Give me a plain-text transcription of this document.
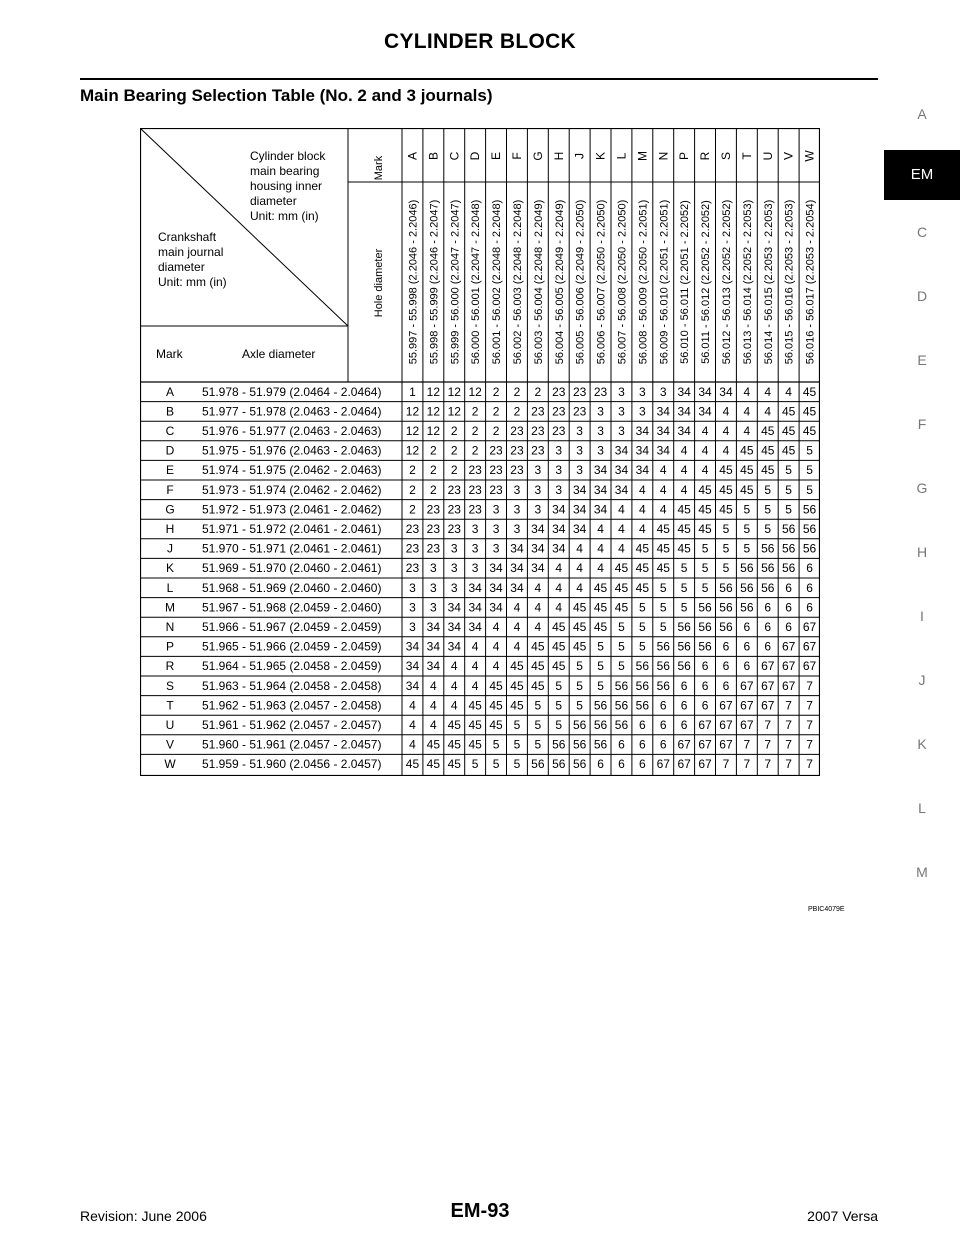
CYLINDER BLOCK
Main Bearing Selection Table (No. 2 and 3 journals)
A
EM
C
D
E
F
G
H
I
J
K
L
M
Cylinder block
main bearing
housing inner
diameter
Unit: mm (in)
Crankshaft
main journal
diameter
Unit: mm (in)
Mark	Axle diameter
Mark
Hole diameter
A
55.997 - 55.998 (2.2046 - 2.2046)
B
55.998 - 55.999 (2.2046 - 2.2047)
C
55.999 - 56.000 (2.2047 - 2.2047)
D
56.000 - 56.001 (2.2047 - 2.2048)
E
56.001 - 56.002 (2.2048 - 2.2048)
F
56.002 - 56.003 (2.2048 - 2.2048)
G
56.003 - 56.004 (2.2048 - 2.2049)
H
56.004 - 56.005 (2.2049 - 2.2049)
J
56.005 - 56.006 (2.2049 - 2.2050)
K
56.006 - 56.007 (2.2050 - 2.2050)
L
56.007 - 56.008 (2.2050 - 2.2050)
M
56.008 - 56.009 (2.2050 - 2.2051)
N
56.009 - 56.010 (2.2051 - 2.2051)
P
56.010 - 56.011 (2.2051 - 2.2052)
R
56.011 - 56.012 (2.2052 - 2.2052)
S
56.012 - 56.013 (2.2052 - 2.2052)
T
56.013 - 56.014 (2.2052 - 2.2053)
U
56.014 - 56.015 (2.2053 - 2.2053)
V
56.015 - 56.016 (2.2053 - 2.2053)
W
56.016 - 56.017 (2.2053 - 2.2054)
A 51.978 - 51.979 (2.0464 - 2.0464) 1 12 12 12 2 2 2 23 23 23 3 3 3 34 34 34 4 4 4 45
B 51.977 - 51.978 (2.0463 - 2.0464) 12 12 12 2 2 2 23 23 23 3 3 3 34 34 34 4 4 4 45 45
C 51.976 - 51.977 (2.0463 - 2.0463) 12 12 2 2 2 23 23 23 3 3 3 34 34 34 4 4 4 45 45 45
D 51.975 - 51.976 (2.0463 - 2.0463) 12 2 2 2 23 23 23 3 3 3 34 34 34 4 4 4 45 45 45 5
E 51.974 - 51.975 (2.0462 - 2.0463) 2 2 2 23 23 23 3 3 3 34 34 34 4 4 4 45 45 45 5 5
F 51.973 - 51.974 (2.0462 - 2.0462) 2 2 23 23 23 3 3 3 34 34 34 4 4 4 45 45 45 5 5 5
G 51.972 - 51.973 (2.0461 - 2.0462) 2 23 23 23 3 3 3 34 34 34 4 4 4 45 45 45 5 5 5 56
H 51.971 - 51.972 (2.0461 - 2.0461) 23 23 23 3 3 3 34 34 34 4 4 4 45 45 45 5 5 5 56 56
J 51.970 - 51.971 (2.0461 - 2.0461) 23 23 3 3 3 34 34 34 4 4 4 45 45 45 5 5 5 56 56 56
K 51.969 - 51.970 (2.0460 - 2.0461) 23 3 3 3 34 34 34 4 4 4 45 45 45 5 5 5 56 56 56 6
L 51.968 - 51.969 (2.0460 - 2.0460) 3 3 3 34 34 34 4 4 4 45 45 45 5 5 5 56 56 56 6 6
M 51.967 - 51.968 (2.0459 - 2.0460) 3 3 34 34 34 4 4 4 45 45 45 5 5 5 56 56 56 6 6 6
N 51.966 - 51.967 (2.0459 - 2.0459) 3 34 34 34 4 4 4 45 45 45 5 5 5 56 56 56 6 6 6 67
P 51.965 - 51.966 (2.0459 - 2.0459) 34 34 34 4 4 4 45 45 45 5 5 5 56 56 56 6 6 6 67 67
R 51.964 - 51.965 (2.0458 - 2.0459) 34 34 4 4 4 45 45 45 5 5 5 56 56 56 6 6 6 67 67 67
S 51.963 - 51.964 (2.0458 - 2.0458) 34 4 4 4 45 45 45 5 5 5 56 56 56 6 6 6 67 67 67 7
T 51.962 - 51.963 (2.0457 - 2.0458) 4 4 4 45 45 45 5 5 5 56 56 56 6 6 6 67 67 67 7 7
U 51.961 - 51.962 (2.0457 - 2.0457) 4 4 45 45 45 5 5 5 56 56 56 6 6 6 67 67 67 7 7 7
V 51.960 - 51.961 (2.0457 - 2.0457) 4 45 45 45 5 5 5 56 56 56 6 6 6 67 67 67 7 7 7 7
W 51.959 - 51.960 (2.0456 - 2.0457) 45 45 45 5 5 5 56 56 56 6 6 6 67 67 67 7 7 7 7 7
PBIC4079E
Revision: June 2006	EM-93	2007 Versa
